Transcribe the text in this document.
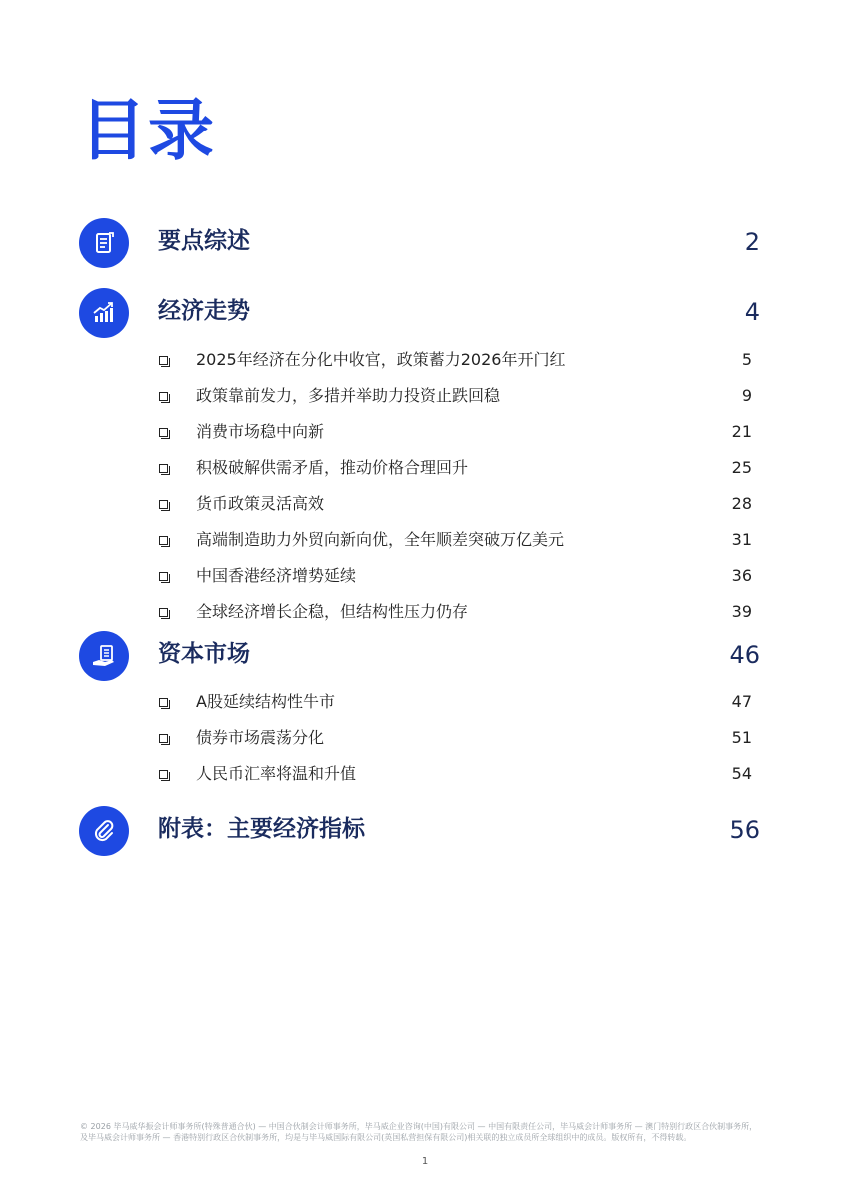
目录
要点综述	2
经济走势	4
2025年经济在分化中收官，政策蓄力2026年开门红	5
政策靠前发力，多措并举助力投资止跌回稳	9
消费市场稳中向新	21
积极破解供需矛盾，推动价格合理回升	25
货币政策灵活高效	28
高端制造助力外贸向新向优，全年顺差突破万亿美元	31
中国香港经济增势延续	36
全球经济增长企稳，但结构性压力仍存	39
资本市场	46
A股延续结构性牛市	47
债券市场震荡分化	51
人民币汇率将温和升值	54
附表：主要经济指标	56
© 2026 毕马威华振会计师事务所(特殊普通合伙) — 中国合伙制会计师事务所，毕马威企业咨询(中国)有限公司 — 中国有限责任公司，毕马威会计师事务所 — 澳门特别行政区合伙制事务所，
及毕马威会计师事务所 — 香港特别行政区合伙制事务所，均是与毕马威国际有限公司(英国私营担保有限公司)相关联的独立成员所全球组织中的成员。版权所有，不得转载。
1
